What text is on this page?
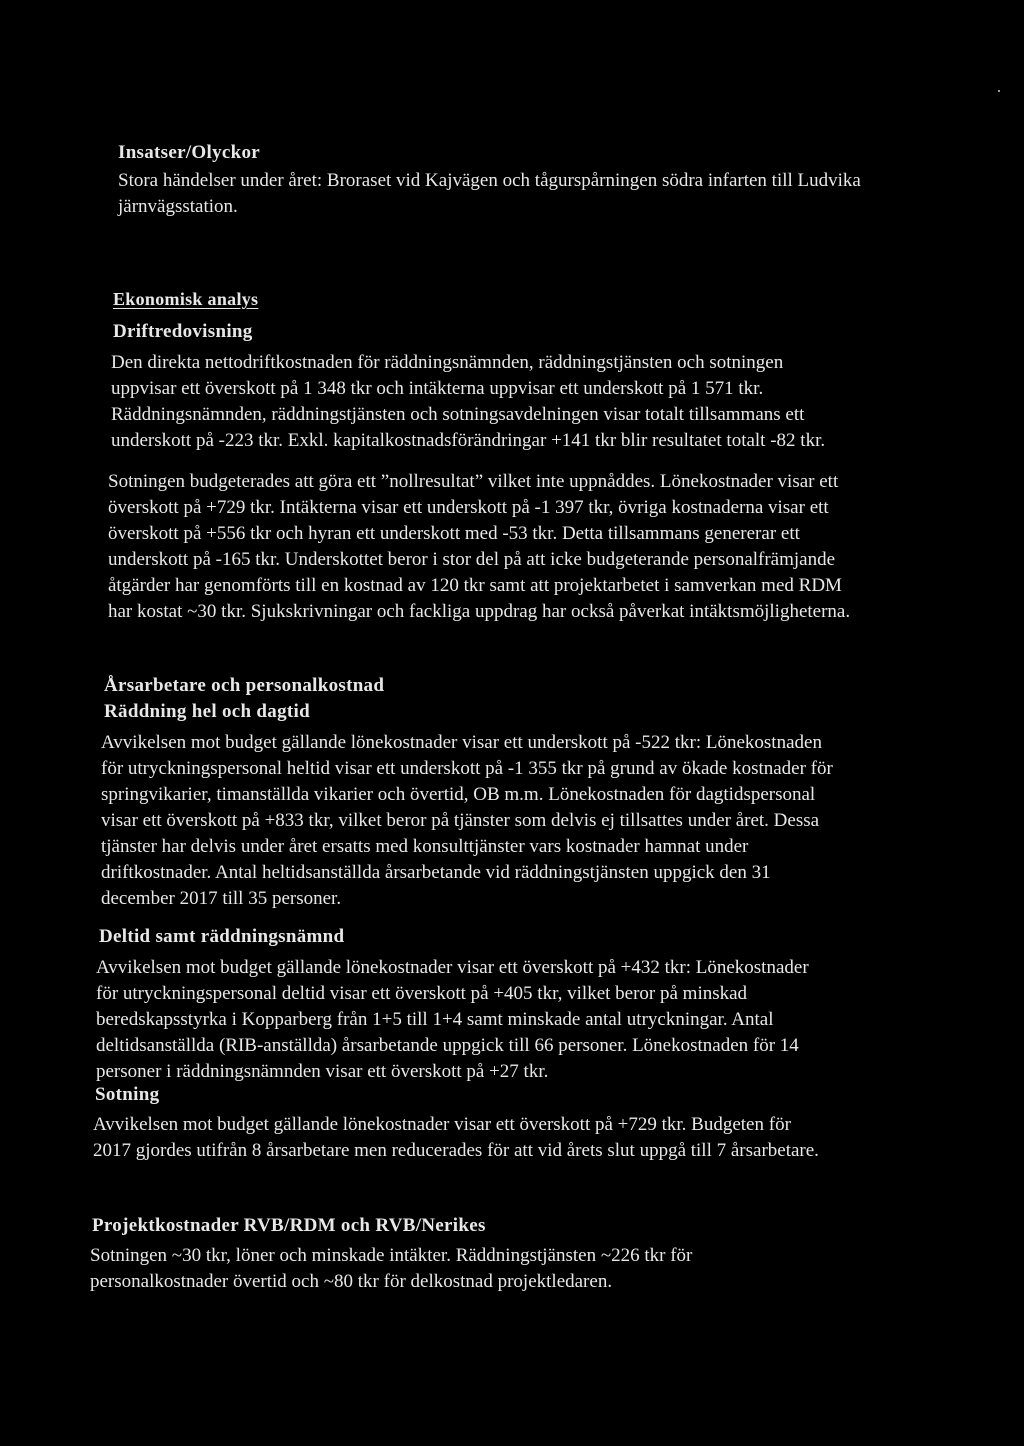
Insatser/Olyckor
Stora händelser under året: Broraset vid Kajvägen och tågurspårningen södra infarten till Ludvika
järnvägsstation.
Ekonomisk analys
Driftredovisning
Den direkta nettodriftkostnaden för räddningsnämnden, räddningstjänsten och sotningen
uppvisar ett överskott på 1 348 tkr och intäkterna uppvisar ett underskott på 1 571 tkr.
Räddningsnämnden, räddningstjänsten och sotningsavdelningen visar totalt tillsammans ett
underskott på -223 tkr. Exkl. kapitalkostnadsförändringar +141 tkr blir resultatet totalt -82 tkr.
Sotningen budgeterades att göra ett ”nollresultat” vilket inte uppnåddes. Lönekostnader visar ett
överskott på +729 tkr. Intäkterna visar ett underskott på -1 397 tkr, övriga kostnaderna visar ett
överskott på +556 tkr och hyran ett underskott med -53 tkr. Detta tillsammans genererar ett
underskott på -165 tkr. Underskottet beror i stor del på att icke budgeterande personalfrämjande
åtgärder har genomförts till en kostnad av 120 tkr samt att projektarbetet i samverkan med RDM
har kostat ~30 tkr. Sjukskrivningar och fackliga uppdrag har också påverkat intäktsmöjligheterna.
Årsarbetare och personalkostnad
Räddning hel och dagtid
Avvikelsen mot budget gällande lönekostnader visar ett underskott på -522 tkr: Lönekostnaden
för utryckningspersonal heltid visar ett underskott på -1 355 tkr på grund av ökade kostnader för
springvikarier, timanställda vikarier och övertid, OB m.m. Lönekostnaden för dagtidspersonal
visar ett överskott på +833 tkr, vilket beror på tjänster som delvis ej tillsattes under året. Dessa
tjänster har delvis under året ersatts med konsulttjänster vars kostnader hamnat under
driftkostnader. Antal heltidsanställda årsarbetande vid räddningstjänsten uppgick den 31
december 2017 till 35 personer.
Deltid samt räddningsnämnd
Avvikelsen mot budget gällande lönekostnader visar ett överskott på +432 tkr: Lönekostnader
för utryckningspersonal deltid visar ett överskott på +405 tkr, vilket beror på minskad
beredskapsstyrka i Kopparberg från 1+5 till 1+4 samt minskade antal utryckningar. Antal
deltidsanställda (RIB-anställda) årsarbetande uppgick till 66 personer. Lönekostnaden för 14
personer i räddningsnämnden visar ett överskott på +27 tkr.
Sotning
Avvikelsen mot budget gällande lönekostnader visar ett överskott på +729 tkr. Budgeten för
2017 gjordes utifrån 8 årsarbetare men reducerades för att vid årets slut uppgå till 7 årsarbetare.
Projektkostnader RVB/RDM och RVB/Nerikes
Sotningen ~30 tkr, löner och minskade intäkter. Räddningstjänsten ~226 tkr för
personalkostnader övertid och ~80 tkr för delkostnad projektledaren.
